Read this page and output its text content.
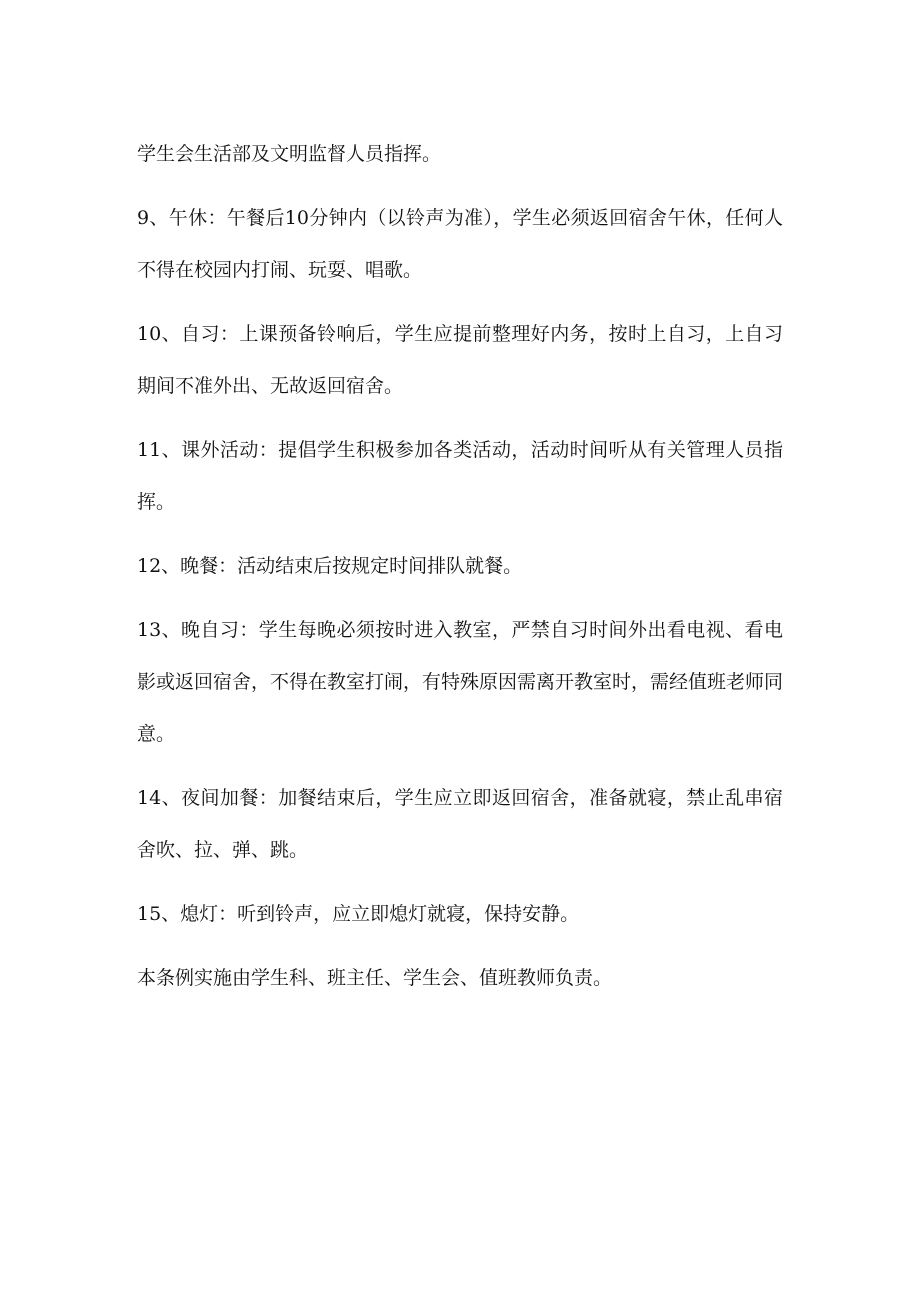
学生会生活部及文明监督人员指挥。

9、午休：午餐后10分钟内（以铃声为准），学生必须返回宿舍午休，任何人不得在校园内打闹、玩耍、唱歌。

10、自习：上课预备铃响后，学生应提前整理好内务，按时上自习，上自习期间不准外出、无故返回宿舍。

11、课外活动：提倡学生积极参加各类活动，活动时间听从有关管理人员指挥。

12、晚餐：活动结束后按规定时间排队就餐。

13、晚自习：学生每晚必须按时进入教室，严禁自习时间外出看电视、看电影或返回宿舍，不得在教室打闹，有特殊原因需离开教室时，需经值班老师同意。

14、夜间加餐：加餐结束后，学生应立即返回宿舍，准备就寝，禁止乱串宿舍吹、拉、弹、跳。

15、熄灯：听到铃声，应立即熄灯就寝，保持安静。

本条例实施由学生科、班主任、学生会、值班教师负责。
